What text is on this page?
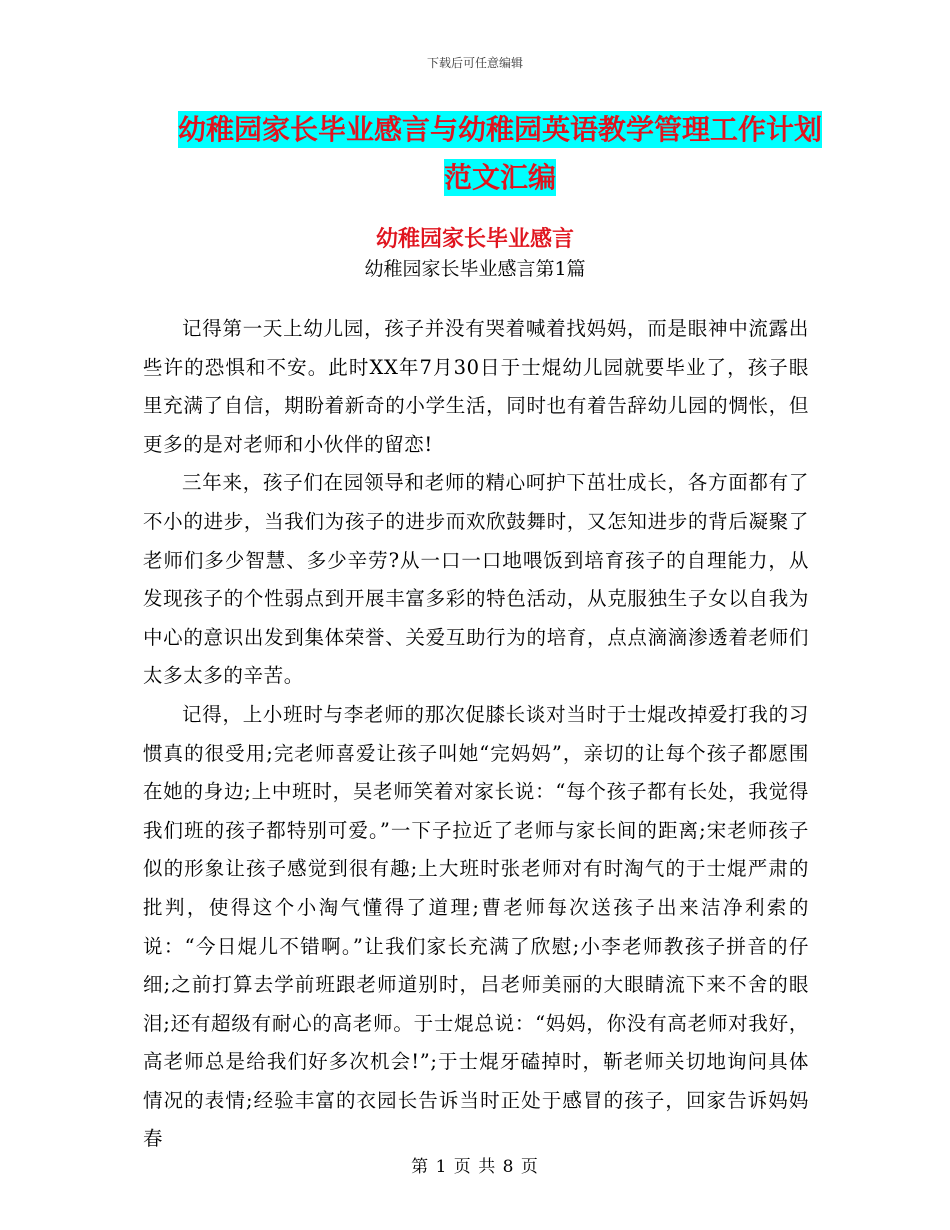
下载后可任意编辑
幼稚园家长毕业感言与幼稚园英语教学管理工作计划
范文汇编
幼稚园家长毕业感言
幼稚园家长毕业感言第1篇

记得第一天上幼儿园，孩子并没有哭着喊着找妈妈，而是眼神中流露出些许的恐惧和不安。此时XX年7月30日于士焜幼儿园就要毕业了，孩子眼里充满了自信，期盼着新奇的小学生活，同时也有着告辞幼儿园的惆怅，但更多的是对老师和小伙伴的留恋!

三年来，孩子们在园领导和老师的精心呵护下茁壮成长，各方面都有了不小的进步，当我们为孩子的进步而欢欣鼓舞时，又怎知进步的背后凝聚了老师们多少智慧、多少辛劳?从一口一口地喂饭到培育孩子的自理能力，从发现孩子的个性弱点到开展丰富多彩的特色活动，从克服独生子女以自我为中心的意识出发到集体荣誉、关爱互助行为的培育，点点滴滴渗透着老师们太多太多的辛苦。

记得，上小班时与李老师的那次促膝长谈对当时于士焜改掉爱打我的习惯真的很受用;完老师喜爱让孩子叫她“完妈妈”，亲切的让每个孩子都愿围在她的身边;上中班时，吴老师笑着对家长说：“每个孩子都有长处，我觉得我们班的孩子都特别可爱。”一下子拉近了老师与家长间的距离;宋老师孩子似的形象让孩子感觉到很有趣;上大班时张老师对有时淘气的于士焜严肃的批判，使得这个小淘气懂得了道理;曹老师每次送孩子出来洁净利索的说：“今日焜儿不错啊。”让我们家长充满了欣慰;小李老师教孩子拼音的仔细;之前打算去学前班跟老师道别时，吕老师美丽的大眼睛流下来不舍的眼泪;还有超级有耐心的高老师。于士焜总说：“妈妈，你没有高老师对我好，高老师总是给我们好多次机会!”;于士焜牙磕掉时，靳老师关切地询问具体情况的表情;经验丰富的衣园长告诉当时正处于感冒的孩子，回家告诉妈妈春

第 1 页 共 8 页
